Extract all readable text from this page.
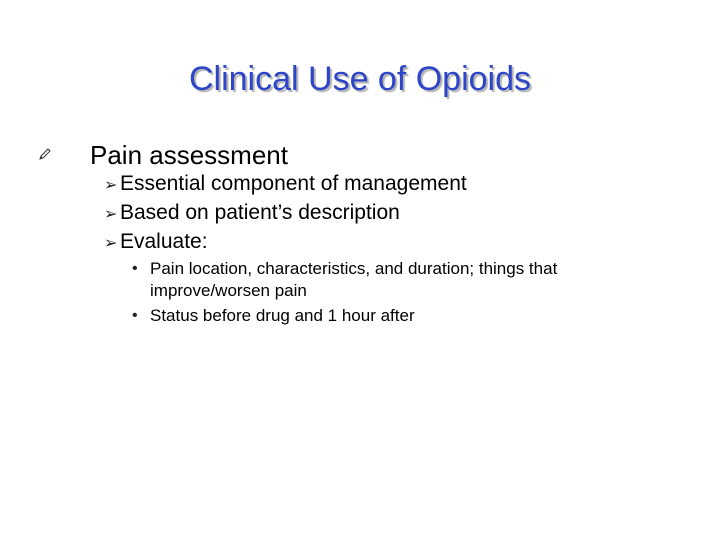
Clinical Use of Opioids
Pain assessment
➢ Essential component of management
➢ Based on patient’s description
➢ Evaluate:
• Pain location, characteristics, and duration; things that
improve/worsen pain
• Status before drug and 1 hour after
